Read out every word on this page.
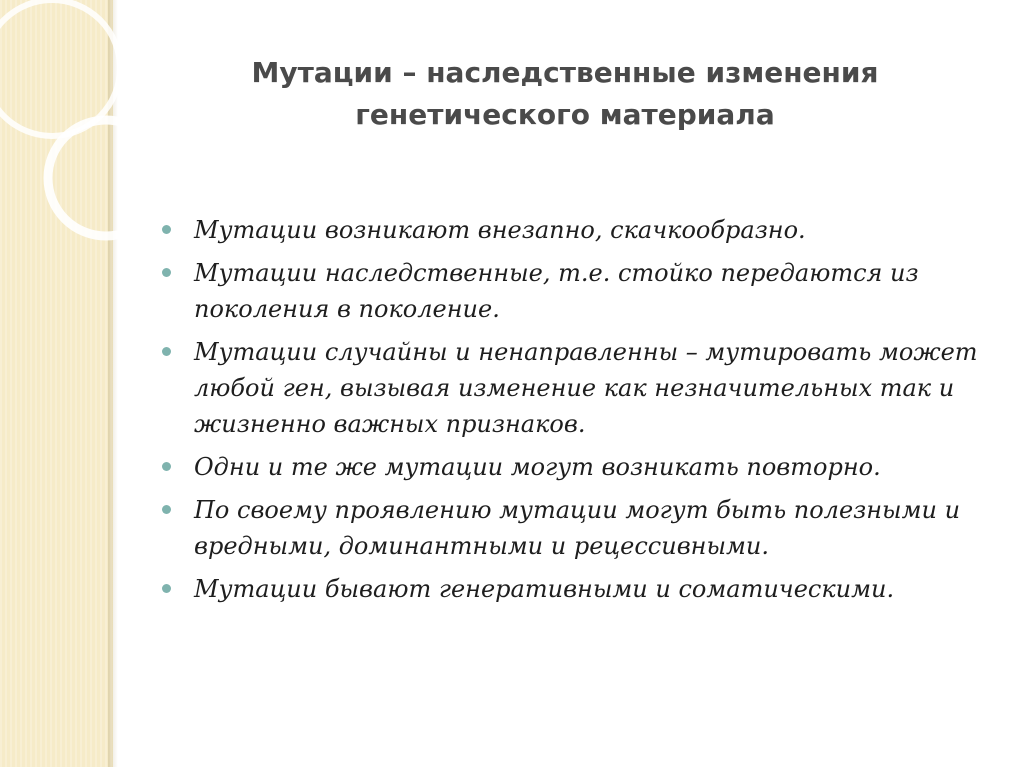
Мутации – наследственные изменения
генетического материала
Мутации возникают внезапно, скачкообразно.
Мутации наследственные, т.е. стойко передаются из поколения в поколение.
Мутации случайны и ненаправленны – мутировать может любой ген, вызывая изменение как незначительных так и жизненно важных признаков.
Одни и те же мутации могут возникать повторно.
По своему проявлению мутации могут быть полезными и вредными, доминантными и рецессивными.
Мутации бывают генеративными и соматическими.
